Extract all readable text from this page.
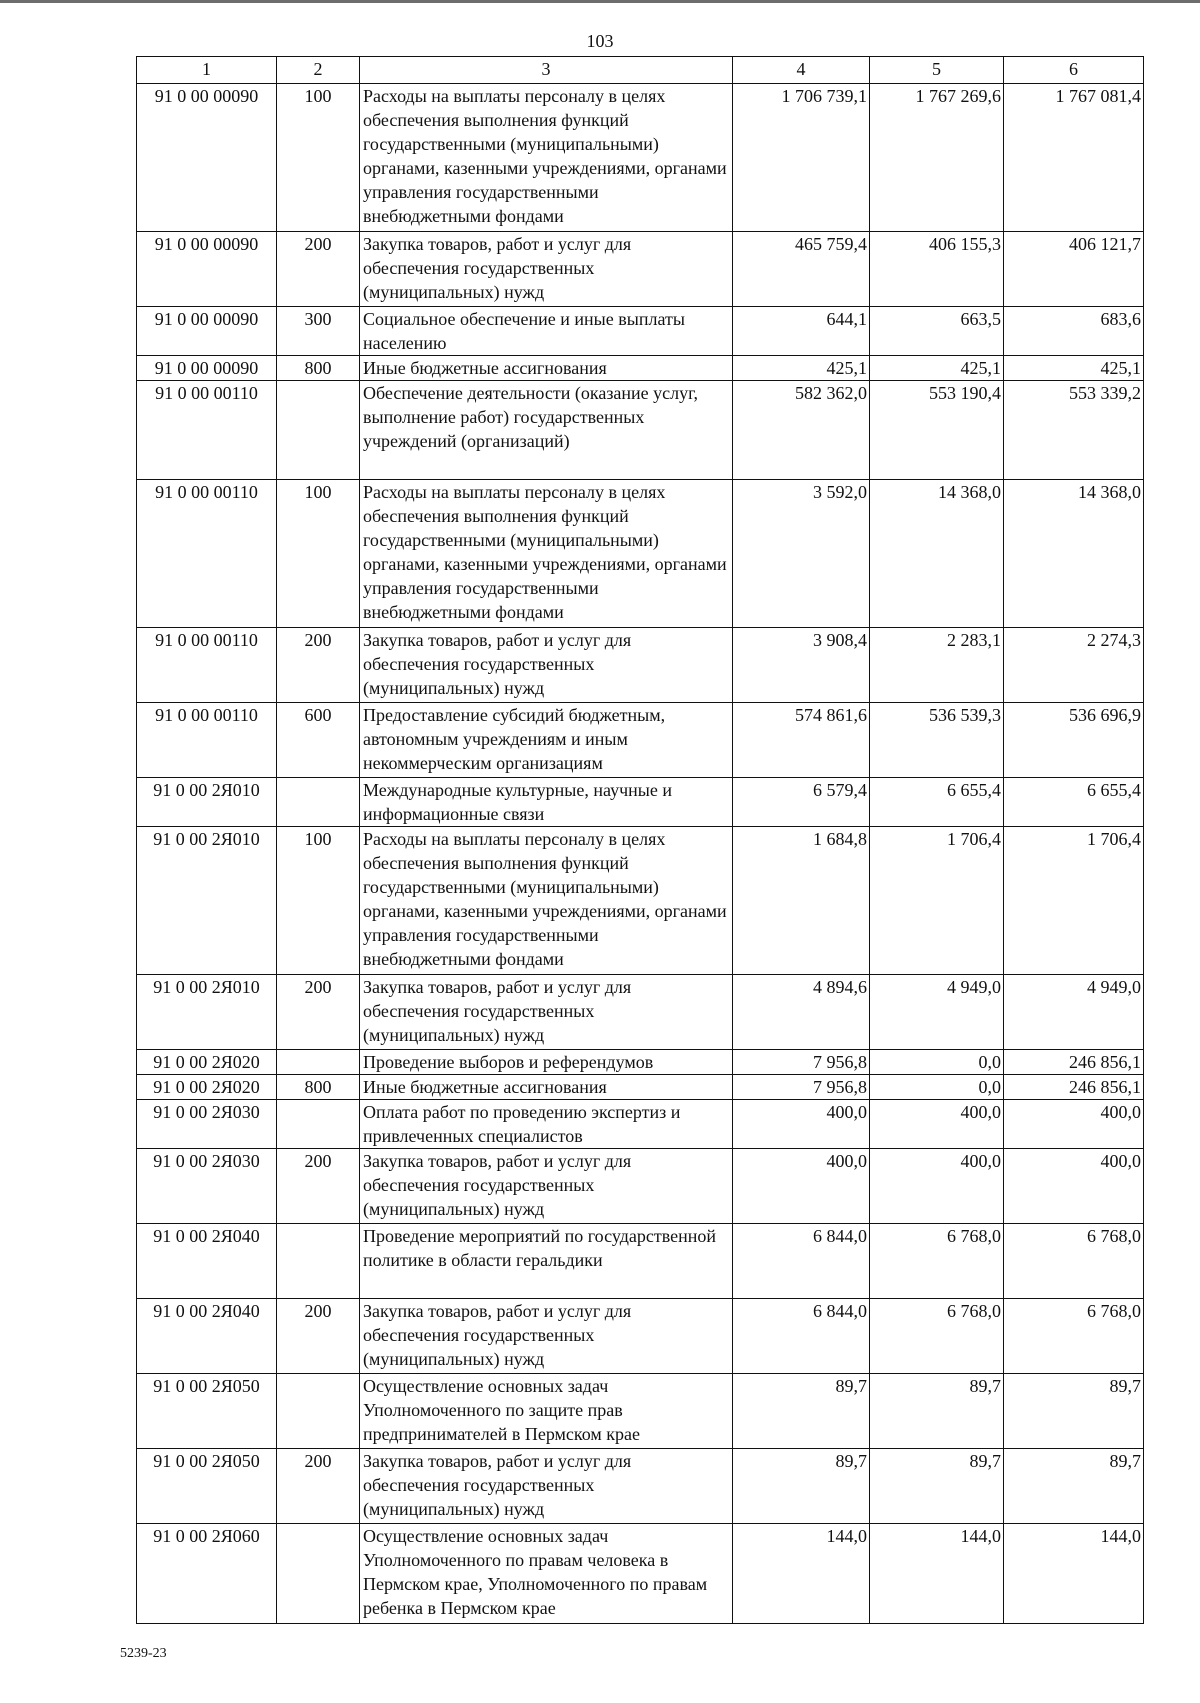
103
1	2	3	4	5	6
91 0 00 00090	100	Расходы на выплаты персоналу в целях обеспечения выполнения функций государственными (муниципальными) органами, казенными учреждениями, органами управления государственными внебюджетными фондами	1 706 739,1	1 767 269,6	1 767 081,4
91 0 00 00090	200	Закупка товаров, работ и услуг для обеспечения государственных (муниципальных) нужд	465 759,4	406 155,3	406 121,7
91 0 00 00090	300	Социальное обеспечение и иные выплаты населению	644,1	663,5	683,6
91 0 00 00090	800	Иные бюджетные ассигнования	425,1	425,1	425,1
91 0 00 00110		Обеспечение деятельности (оказание услуг, выполнение работ) государственных учреждений (организаций)	582 362,0	553 190,4	553 339,2
91 0 00 00110	100	Расходы на выплаты персоналу в целях обеспечения выполнения функций государственными (муниципальными) органами, казенными учреждениями, органами управления государственными внебюджетными фондами	3 592,0	14 368,0	14 368,0
91 0 00 00110	200	Закупка товаров, работ и услуг для обеспечения государственных (муниципальных) нужд	3 908,4	2 283,1	2 274,3
91 0 00 00110	600	Предоставление субсидий бюджетным, автономным учреждениям и иным некоммерческим организациям	574 861,6	536 539,3	536 696,9
91 0 00 2Я010		Международные культурные, научные и информационные связи	6 579,4	6 655,4	6 655,4
91 0 00 2Я010	100	Расходы на выплаты персоналу в целях обеспечения выполнения функций государственными (муниципальными) органами, казенными учреждениями, органами управления государственными внебюджетными фондами	1 684,8	1 706,4	1 706,4
91 0 00 2Я010	200	Закупка товаров, работ и услуг для обеспечения государственных (муниципальных) нужд	4 894,6	4 949,0	4 949,0
91 0 00 2Я020		Проведение выборов и референдумов	7 956,8	0,0	246 856,1
91 0 00 2Я020	800	Иные бюджетные ассигнования	7 956,8	0,0	246 856,1
91 0 00 2Я030		Оплата работ по проведению экспертиз и привлеченных специалистов	400,0	400,0	400,0
91 0 00 2Я030	200	Закупка товаров, работ и услуг для обеспечения государственных (муниципальных) нужд	400,0	400,0	400,0
91 0 00 2Я040		Проведение мероприятий по государственной политике в области геральдики	6 844,0	6 768,0	6 768,0
91 0 00 2Я040	200	Закупка товаров, работ и услуг для обеспечения государственных (муниципальных) нужд	6 844,0	6 768,0	6 768,0
91 0 00 2Я050		Осуществление основных задач Уполномоченного по защите прав предпринимателей в Пермском крае	89,7	89,7	89,7
91 0 00 2Я050	200	Закупка товаров, работ и услуг для обеспечения государственных (муниципальных) нужд	89,7	89,7	89,7
91 0 00 2Я060		Осуществление основных задач Уполномоченного по правам человека в Пермском крае, Уполномоченного по правам ребенка в Пермском крае	144,0	144,0	144,0
5239-23
